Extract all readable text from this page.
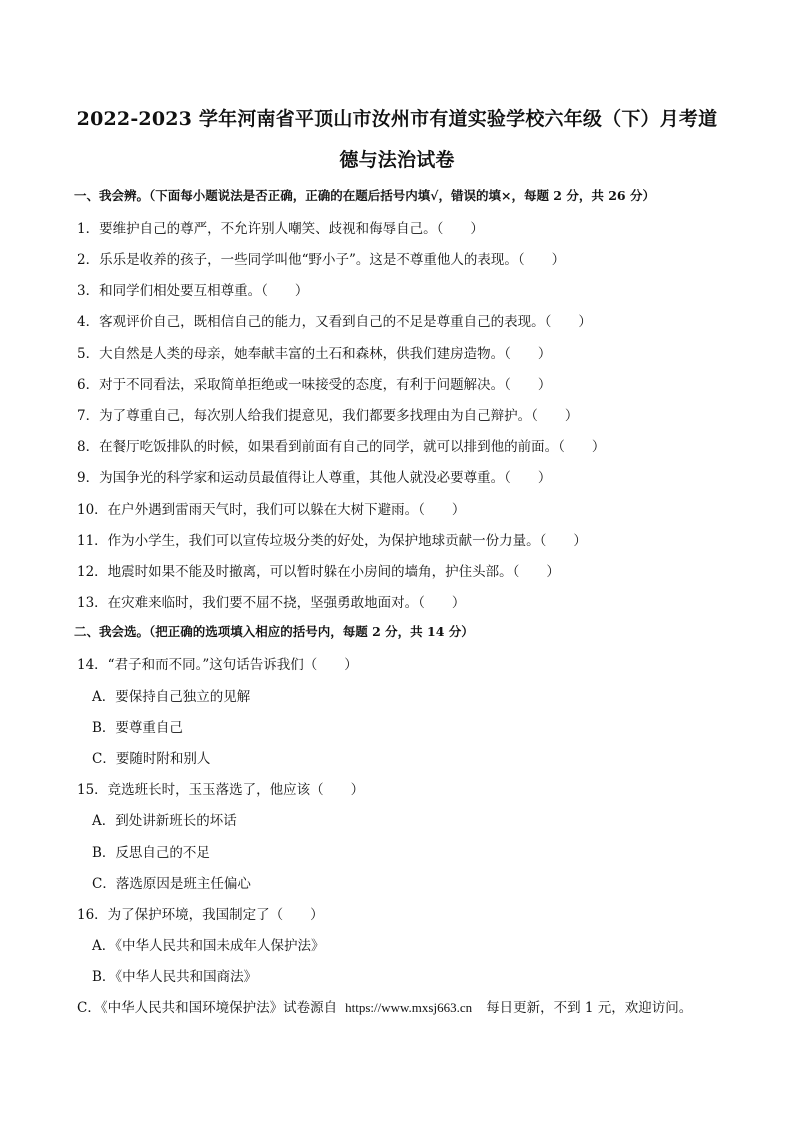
2022-2023 学年河南省平顶山市汝州市有道实验学校六年级（下）月考道
德与法治试卷
一、我会辨。（下面每小题说法是否正确，正确的在题后括号内填√，错误的填×，每题 2 分，共 26 分）
1．要维护自己的尊严，不允许别人嘲笑、歧视和侮辱自己。（　　）
2．乐乐是收养的孩子，一些同学叫他“野小子”。这是不尊重他人的表现。（　　）
3．和同学们相处要互相尊重。（　　）
4．客观评价自己，既相信自己的能力，又看到自己的不足是尊重自己的表现。（　　）
5．大自然是人类的母亲，她奉献丰富的土石和森林，供我们建房造物。（　　）
6．对于不同看法，采取简单拒绝或一味接受的态度，有利于问题解决。（　　）
7．为了尊重自己，每次别人给我们提意见，我们都要多找理由为自己辩护。（　　）
8．在餐厅吃饭排队的时候，如果看到前面有自己的同学，就可以排到他的前面。（　　）
9．为国争光的科学家和运动员最值得让人尊重，其他人就没必要尊重。（　　）
10．在户外遇到雷雨天气时，我们可以躲在大树下避雨。（　　）
11．作为小学生，我们可以宣传垃圾分类的好处，为保护地球贡献一份力量。（　　）
12．地震时如果不能及时撤离，可以暂时躲在小房间的墙角，护住头部。（　　）
13．在灾难来临时，我们要不屈不挠，坚强勇敢地面对。（　　）
二、我会选。（把正确的选项填入相应的括号内，每题 2 分，共 14 分）
14．“君子和而不同。”这句话告诉我们（　　）
A．要保持自己独立的见解
B．要尊重自己
C．要随时附和别人
15．竞选班长时，玉玉落选了，他应该（　　）
A．到处讲新班长的坏话
B．反思自己的不足
C．落选原因是班主任偏心
16．为了保护环境，我国制定了（　　）
A．《中华人民共和国未成年人保护法》
B．《中华人民共和国商法》
C．《中华人民共和国环境保护法》试卷源自 https://www.mxsj663.cn 每日更新，不到 1 元，欢迎访问。
